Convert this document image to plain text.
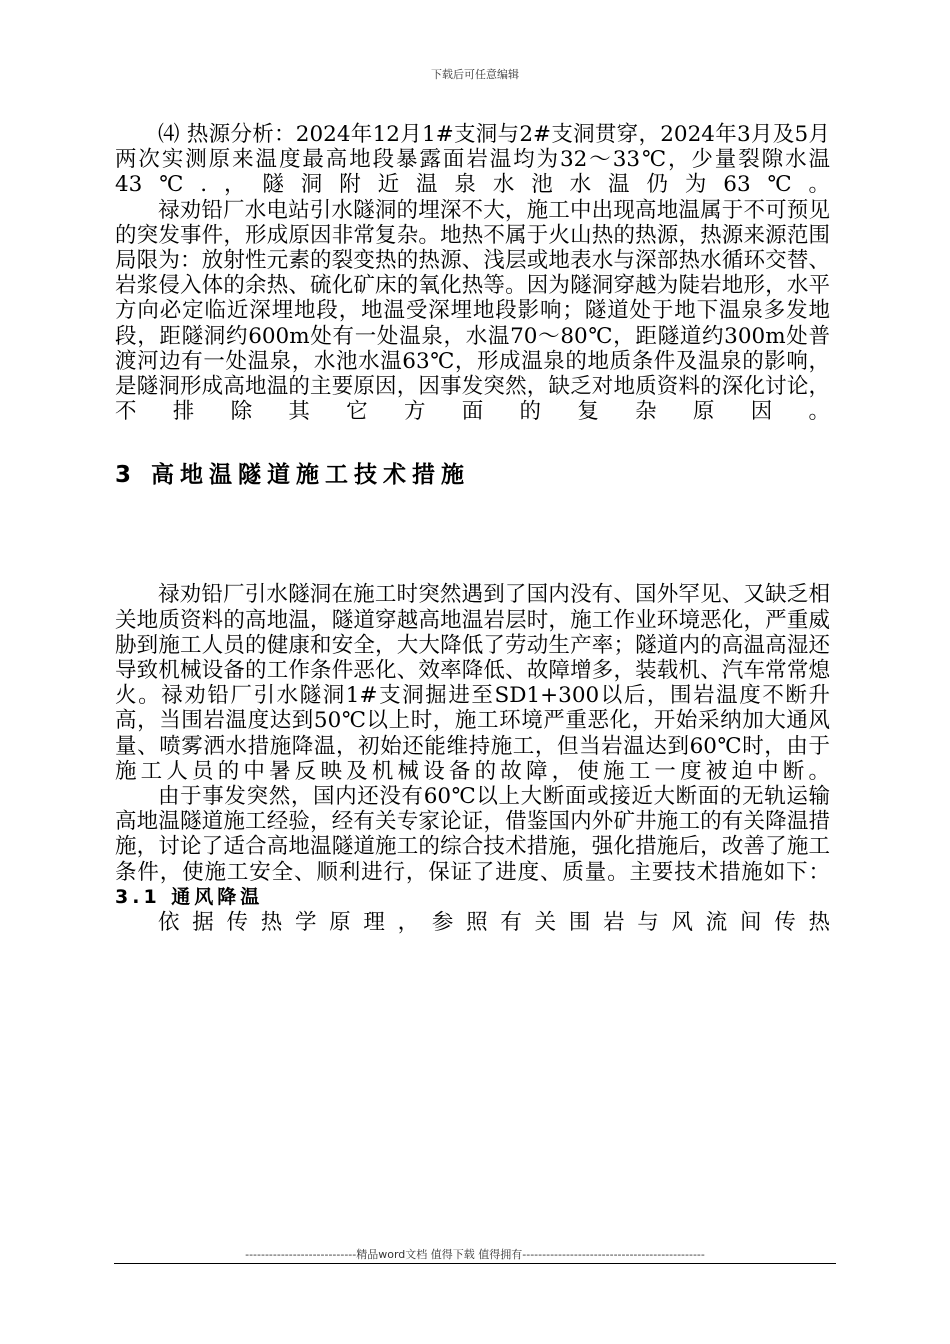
下载后可任意编辑

⑷ 热源分析：2024年12月1#支洞与2#支洞贯穿，2024年3月及5月两次实测原来温度最高地段暴露面岩温均为32～33℃，少量裂隙水温43℃.，隧洞附近温泉水池水温仍为63℃。

禄劝铅厂水电站引水隧洞的埋深不大，施工中出现高地温属于不可预见的突发事件，形成原因非常复杂。地热不属于火山热的热源，热源来源范围局限为：放射性元素的裂变热的热源、浅层或地表水与深部热水循环交替、岩浆侵入体的余热、硫化矿床的氧化热等。因为隧洞穿越为陡岩地形，水平方向必定临近深埋地段，地温受深埋地段影响；隧道处于地下温泉多发地段，距隧洞约600m处有一处温泉，水温70～80℃，距隧道约300m处普渡河边有一处温泉，水池水温63℃，形成温泉的地质条件及温泉的影响，是隧洞形成高地温的主要原因，因事发突然，缺乏对地质资料的深化讨论，不排除其它方面的复杂原因。

3 高地温隧道施工技术措施

禄劝铅厂引水隧洞在施工时突然遇到了国内没有、国外罕见、又缺乏相关地质资料的高地温，隧道穿越高地温岩层时，施工作业环境恶化，严重威胁到施工人员的健康和安全，大大降低了劳动生产率；隧道内的高温高湿还导致机械设备的工作条件恶化、效率降低、故障增多，装载机、汽车常常熄火。禄劝铅厂引水隧洞1#支洞掘进至SD1+300以后，围岩温度不断升高，当围岩温度达到50℃以上时，施工环境严重恶化，开始采纳加大通风量、喷雾洒水措施降温，初始还能维持施工，但当岩温达到60℃时，由于施工人员的中暑反映及机械设备的故障，使施工一度被迫中断。

由于事发突然，国内还没有60℃以上大断面或接近大断面的无轨运输高地温隧道施工经验，经有关专家论证，借鉴国内外矿井施工的有关降温措施，讨论了适合高地温隧道施工的综合技术措施，强化措施后，改善了施工条件，使施工安全、顺利进行，保证了进度、质量。主要技术措施如下：

3.1 通风降温

依据传热学原理，参照有关围岩与风流间传热

----------------------------精品word文档 值得下载 值得拥有----------------------------------------------
